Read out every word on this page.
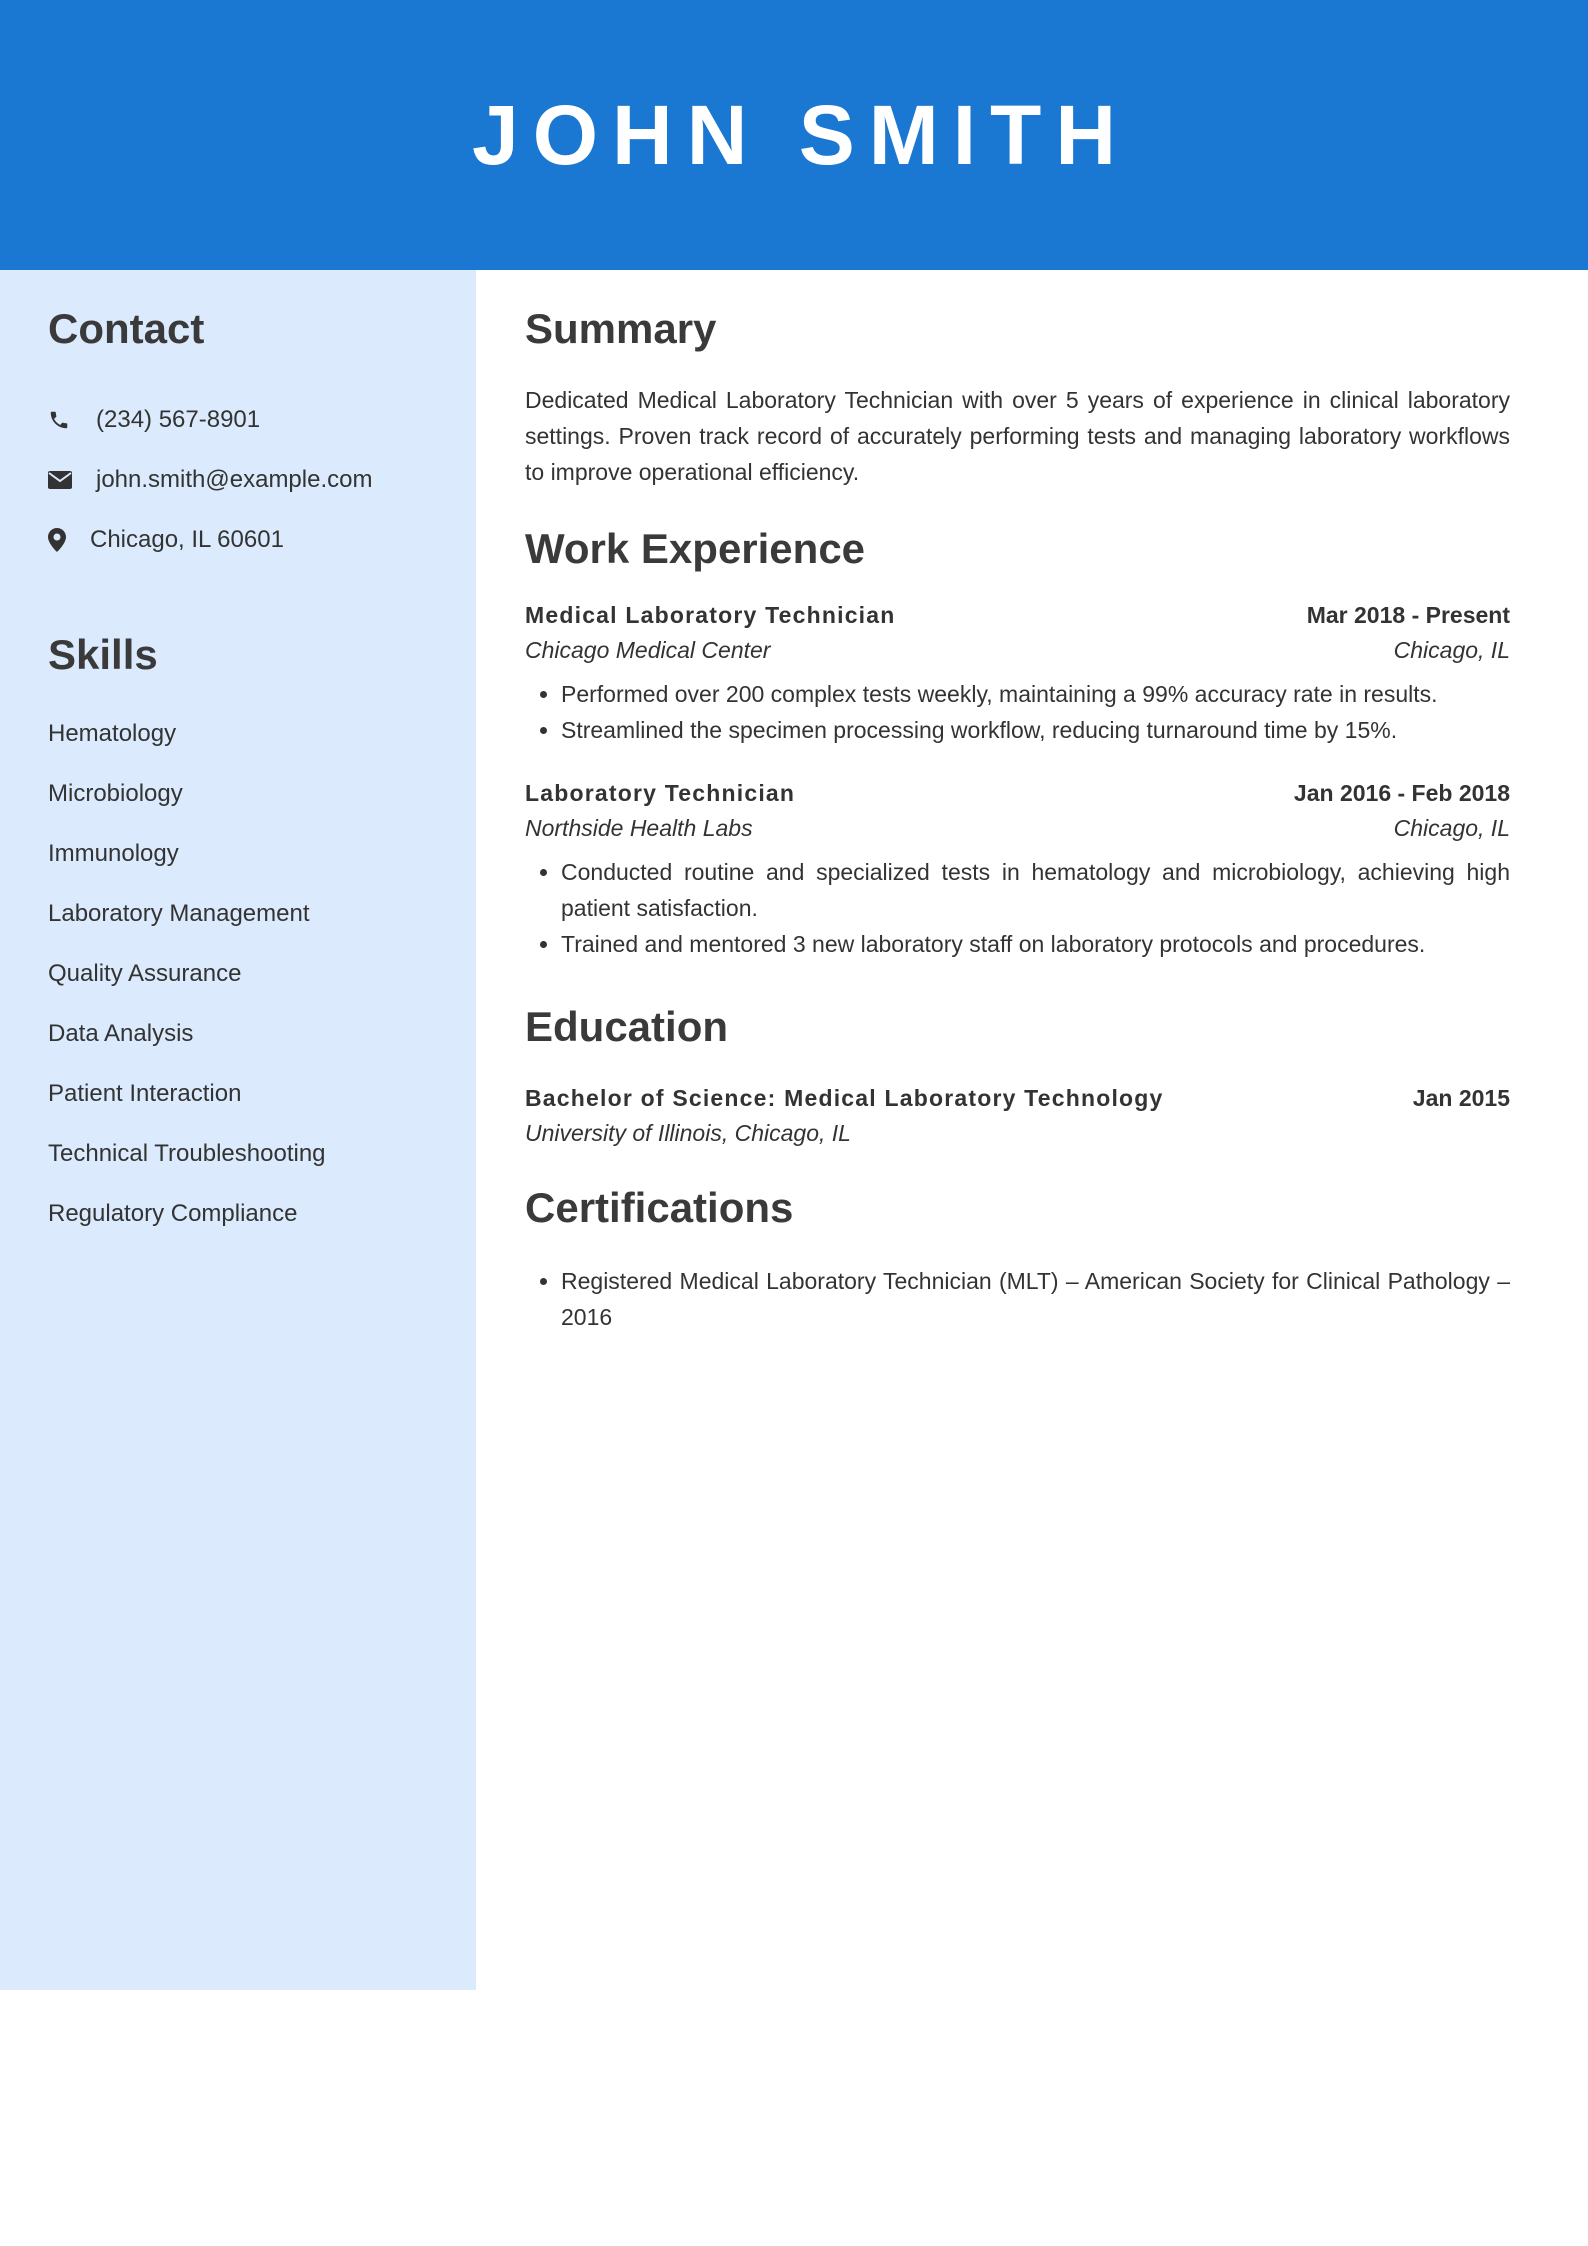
JOHN SMITH
Contact
(234) 567-8901
john.smith@example.com
Chicago, IL 60601
Skills
Hematology
Microbiology
Immunology
Laboratory Management
Quality Assurance
Data Analysis
Patient Interaction
Technical Troubleshooting
Regulatory Compliance
Summary

Dedicated Medical Laboratory Technician with over 5 years of experience in clinical laboratory settings. Proven track record of accurately performing tests and managing laboratory workflows to improve operational efficiency.

Work Experience
Medical Laboratory Technician	Mar 2018 - Present
Chicago Medical Center	Chicago, IL
• Performed over 200 complex tests weekly, maintaining a 99% accuracy rate in results.
• Streamlined the specimen processing workflow, reducing turnaround time by 15%.
Laboratory Technician	Jan 2016 - Feb 2018
Northside Health Labs	Chicago, IL
• Conducted routine and specialized tests in hematology and microbiology, achieving high patient satisfaction.
• Trained and mentored 3 new laboratory staff on laboratory protocols and procedures.
Education
Bachelor of Science: Medical Laboratory Technology	Jan 2015
University of Illinois, Chicago, IL
Certifications
• Registered Medical Laboratory Technician (MLT) – American Society for Clinical Pathology – 2016
